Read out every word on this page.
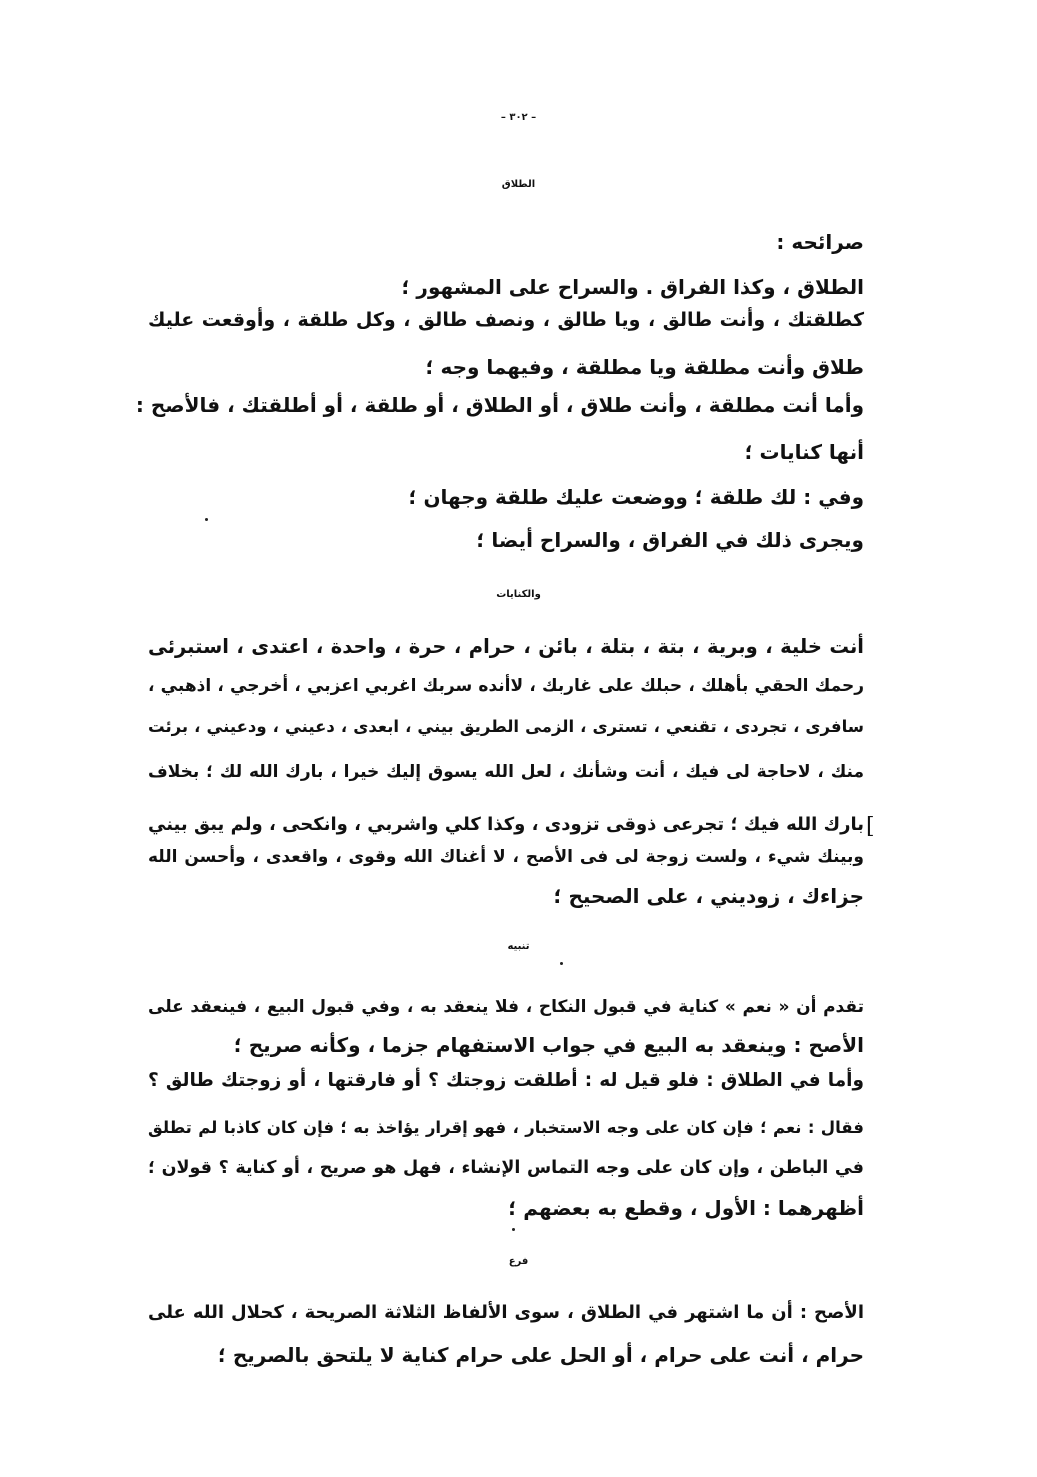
– ٣٠٢ –
الطلاق
صرائحه :
الطلاق ، وكذا الفراق . والسراح على المشهور ؛
كطلقتك ، وأنت طالق ، ويا طالق ، ونصف طالق ، وكل طلقة ، وأوقعت عليك
طلاق وأنت مطلقة ويا مطلقة ، وفيهما وجه ؛
وأما أنت مطلقة ، وأنت طلاق ، أو الطلاق ، أو طلقة ، أو أطلقتك ، فالأصح :
أنها كنايات ؛
وفي : لك طلقة ؛ ووضعت عليك طلقة وجهان ؛
ويجرى ذلك في الفراق ، والسراح أيضا ؛
والكنايات
أنت خلية ، وبرية ، بتة ، بتلة ، بائن ، حرام ، حرة ، واحدة ، اعتدى ، استبرئى
رحمك الحقي بأهلك ، حبلك على غاربك ، لاأنده سربك اغربي اعزبي ، أخرجي ، اذهبي ،
سافرى ، تجردى ، تقنعي ، تسترى ، الزمى الطريق بيني ، ابعدى ، دعيني ، ودعيني ، برئت
منك ، لاحاجة لى فيك ، أنت وشأنك ، لعل الله يسوق إليك خيرا ، بارك الله لك ؛ بخلاف
بارك الله فيك ؛ تجرعى ذوقى تزودى ، وكذا كلي واشربي ، وانكحى ، ولم يبق بيني [
وبينك شيء ، ولست زوجة لى فى الأصح ، لا أغناك الله وقوى ، واقعدى ، وأحسن الله
جزاءك ، زوديني ، على الصحيح ؛
تنبيه
تقدم أن « نعم » كناية في قبول النكاح ، فلا ينعقد به ، وفي قبول البيع ، فينعقد على
الأصح : وينعقد به البيع في جواب الاستفهام جزما ، وكأنه صريح ؛
وأما في الطلاق : فلو قيل له : أطلقت زوجتك ؟ أو فارقتها ، أو زوجتك طالق ؟
فقال : نعم ؛ فإن كان على وجه الاستخبار ، فهو إقرار يؤاخذ به ؛ فإن كان كاذبا لم تطلق
في الباطن ، وإن كان على وجه التماس الإنشاء ، فهل هو صريح ، أو كناية ؟ قولان ؛
أظهرهما : الأول ، وقطع به بعضهم ؛
فرع
الأصح : أن ما اشتهر في الطلاق ، سوى الألفاظ الثلاثة الصريحة ، كحلال الله على
حرام ، أنت على حرام ، أو الحل على حرام كناية لا يلتحق بالصريح ؛
